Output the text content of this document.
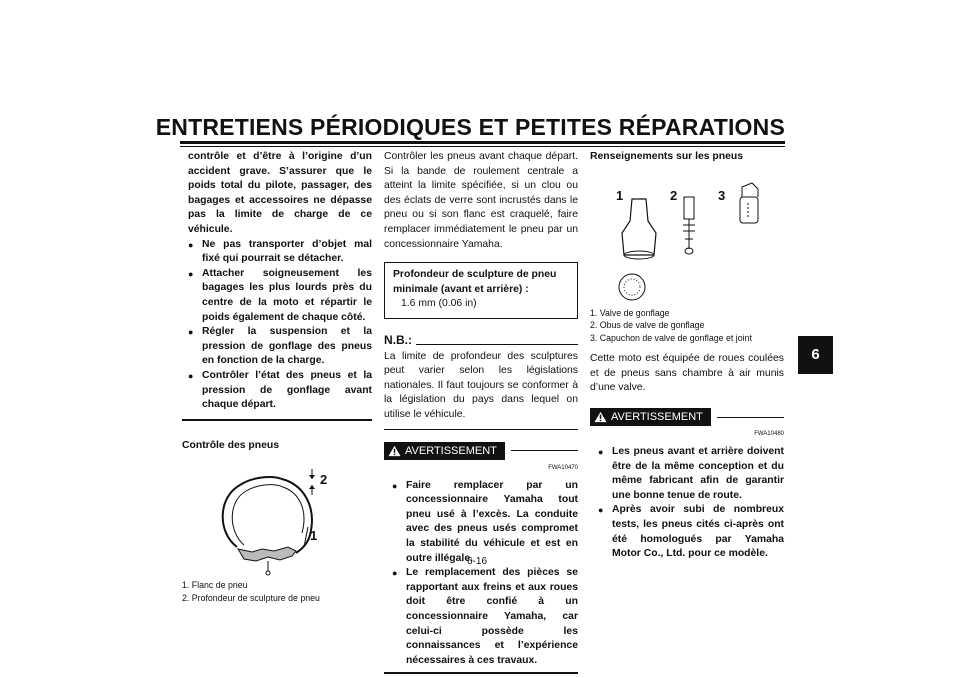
ENTRETIENS PÉRIODIQUES ET PETITES RÉPARATIONS
6

contrôle et d’être à l’origine d’un accident grave. S’assurer que le poids total du pilote, passager, des bagages et accessoires ne dépasse pas la limite de charge de ce véhicule.

● Ne pas transporter d’objet mal fixé qui pourrait se détacher.
● Attacher soigneusement les bagages les plus lourds près du centre de la moto et répartir le poids également de chaque côté.
● Régler la suspension et la pression de gonflage des pneus en fonction de la charge.
● Contrôler l’état des pneus et la pression de gonflage avant chaque départ.

Contrôle des pneus

2
1

1. Flanc de pneu

2. Profondeur de sculpture de pneu

Contrôler les pneus avant chaque départ. Si la bande de roulement centrale a atteint la limite spécifiée, si un clou ou des éclats de verre sont incrustés dans le pneu ou si son flanc est craquelé, faire remplacer immédiatement le pneu par un concessionnaire Yamaha.

Profondeur de sculpture de pneu minimale (avant et arrière) :

1.6 mm (0.06 in)

N.B.:

La limite de profondeur des sculptures peut varier selon les législations nationales. Il faut toujours se conformer à la législation du pays dans lequel on utilise le véhicule.

AVERTISSEMENT

FWA10470

● Faire remplacer par un concessionnaire Yamaha tout pneu usé à l’excès. La conduite avec des pneus usés compromet la stabilité du véhicule et est en outre illégale.
● Le remplacement des pièces se rapportant aux freins et aux roues doit être confié à un concessionnaire Yamaha, car celui-ci possède les connaissances et l’expérience nécessaires à ces travaux.

Renseignements sur les pneus

1	2	3

1. Valve de gonflage

2. Obus de valve de gonflage

3. Capuchon de valve de gonflage et joint

Cette moto est équipée de roues coulées et de pneus sans chambre à air munis d’une valve.

AVERTISSEMENT

FWA10480

● Les pneus avant et arrière doivent être de la même conception et du même fabricant afin de garantir une bonne tenue de route.
● Après avoir subi de nombreux tests, les pneus cités ci-après ont été homologués par Yamaha Motor Co., Ltd. pour ce modèle.
6-16
